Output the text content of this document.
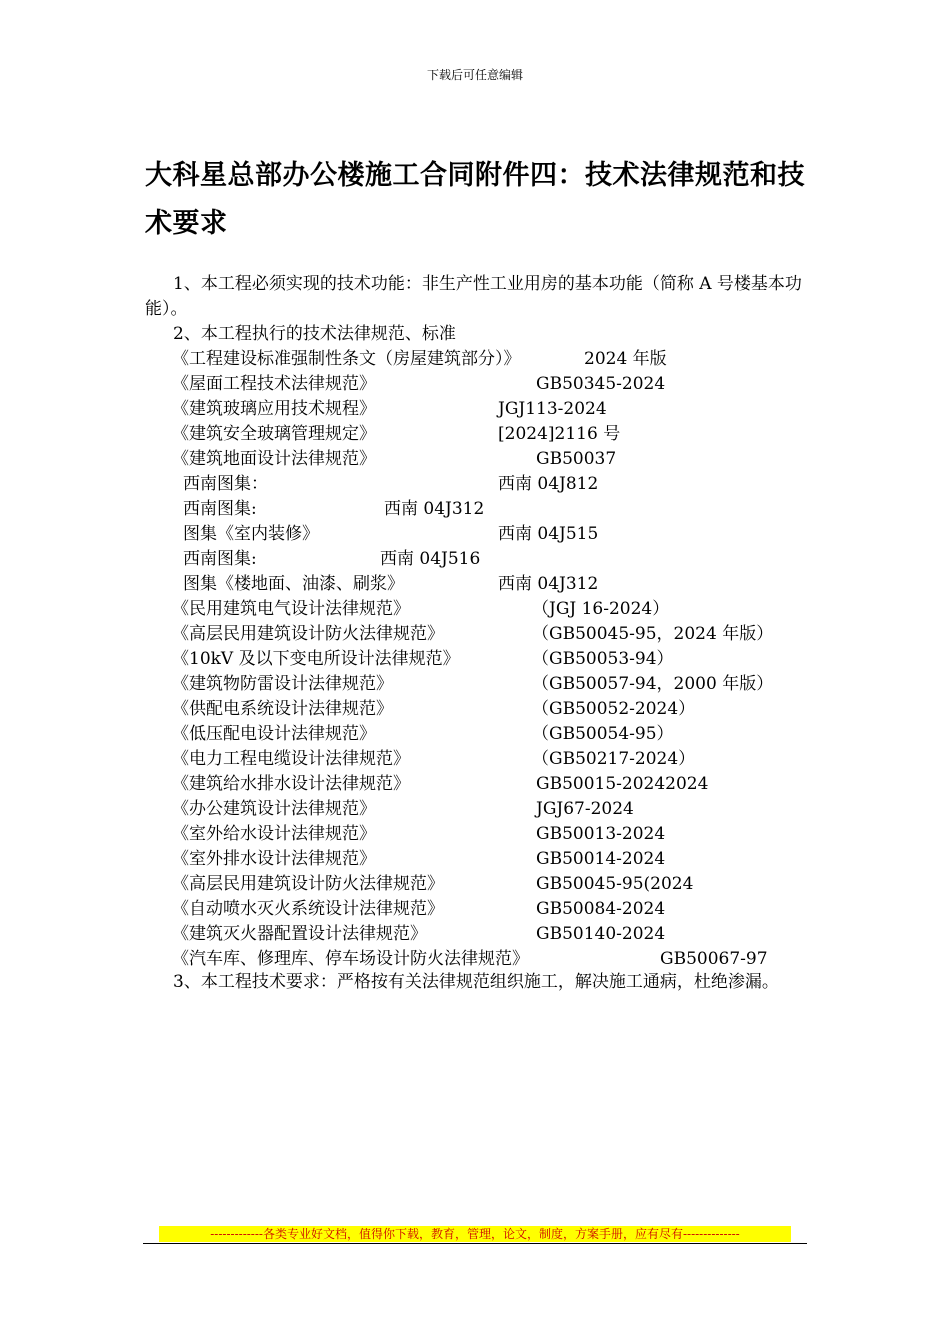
下载后可任意编辑
大科星总部办公楼施工合同附件四：技术法律规范和技术要求

1、本工程必须实现的技术功能：非生产性工业用房的基本功能（简称 A 号楼基本功能）。

2、本工程执行的技术法律规范、标准

《工程建设标准强制性条文（房屋建筑部分）》	2024 年版
《屋面工程技术法律规范》	GB50345-2024
《建筑玻璃应用技术规程》	JGJ113-2024
《建筑安全玻璃管理规定》	[2024]2116 号
《建筑地面设计法律规范》	GB50037
西南图集：	西南 04J812
西南图集:	西南 04J312
图集《室内装修》	西南 04J515
西南图集:	西南 04J516
图集《楼地面、油漆、刷浆》	西南 04J312
《民用建筑电气设计法律规范》	（JGJ 16-2024）
《高层民用建筑设计防火法律规范》	（GB50045-95，2024 年版）
《10kV 及以下变电所设计法律规范》	（GB50053-94）
《建筑物防雷设计法律规范》	（GB50057-94，2000 年版）
《供配电系统设计法律规范》	（GB50052-2024）
《低压配电设计法律规范》	（GB50054-95）
《电力工程电缆设计法律规范》	（GB50217-2024）
《建筑给水排水设计法律规范》	GB50015-20242024
《办公建筑设计法律规范》	JGJ67-2024
《室外给水设计法律规范》	GB50013-2024
《室外排水设计法律规范》	GB50014-2024
《高层民用建筑设计防火法律规范》	GB50045-95(2024
《自动喷水灭火系统设计法律规范》	GB50084-2024
《建筑灭火器配置设计法律规范》	GB50140-2024
《汽车库、修理库、停车场设计防火法律规范》	GB50067-97

3、本工程技术要求：严格按有关法律规范组织施工，解决施工通病，杜绝渗漏。

-------------各类专业好文档，值得你下载，教育，管理，论文，制度，方案手册，应有尽有--------------
